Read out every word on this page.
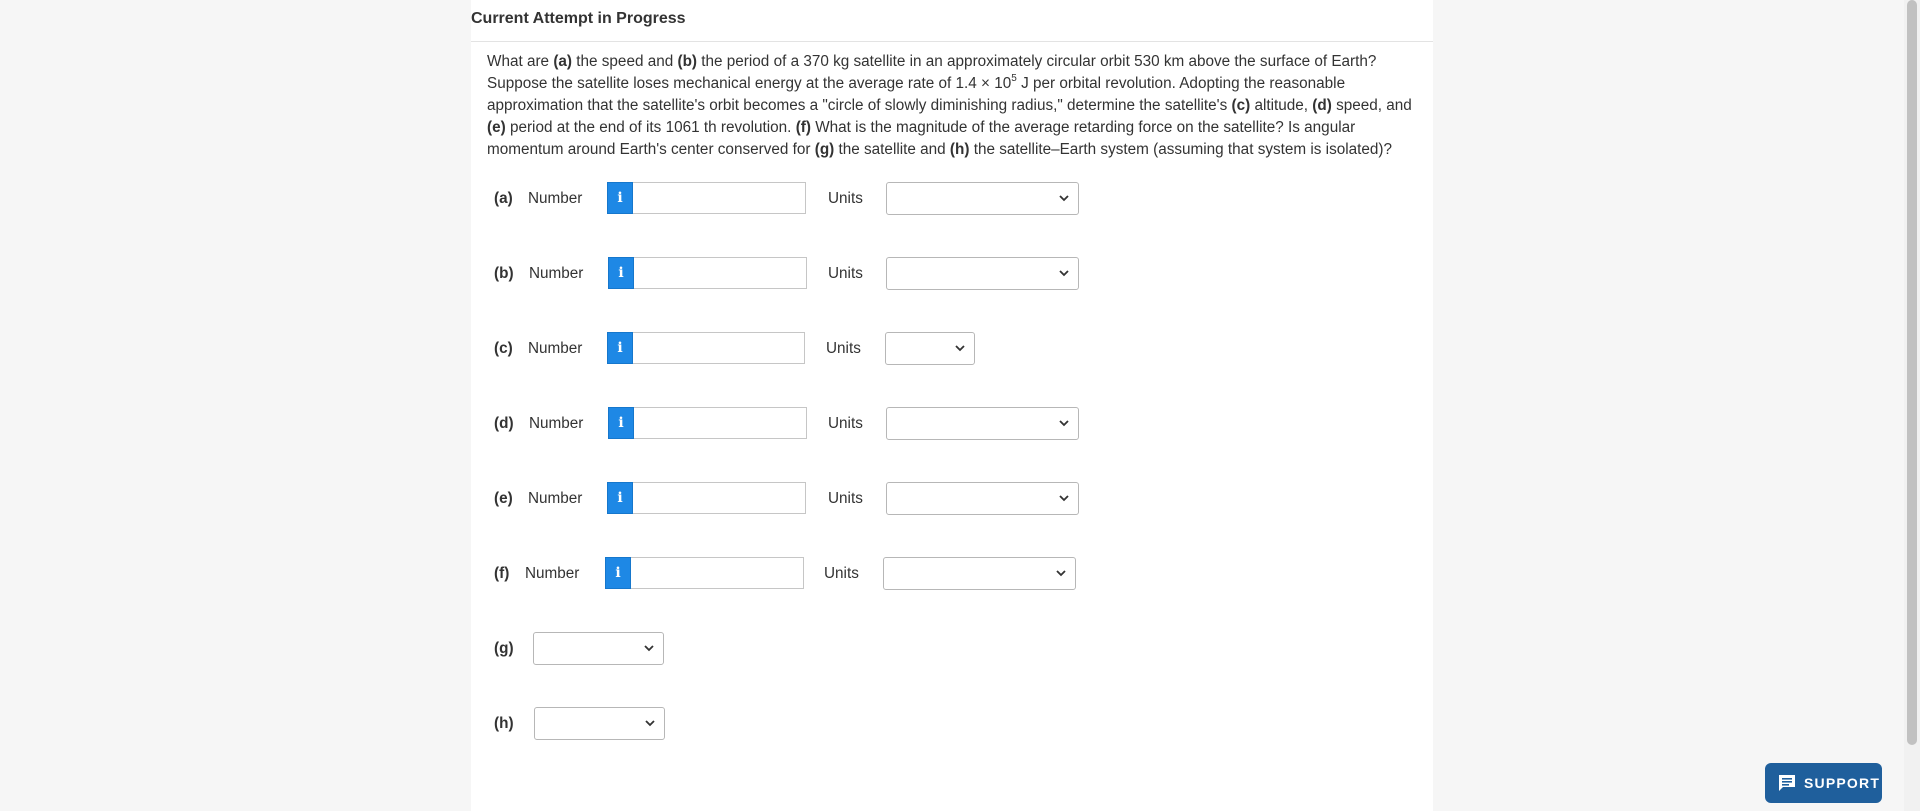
Current Attempt in Progress
What are (a) the speed and (b) the period of a 370 kg satellite in an approximately circular orbit 530 km above the surface of Earth? Suppose the satellite loses mechanical energy at the average rate of $1.4 \times 10^5$ J per orbital revolution. Adopting the reasonable approximation that the satellite's orbit becomes a "circle of slowly diminishing radius," determine the satellite's (c) altitude, (d) speed, and (e) period at the end of its 1061 th revolution. (f) What is the magnitude of the average retarding force on the satellite? Is angular momentum around Earth's center conserved for (g) the satellite and (h) the satellite–Earth system (assuming that system is isolated)?
(a) Number	i	Units
(b) Number	i	Units
(c) Number	i	Units
(d) Number	i	Units
(e) Number	i	Units
(f) Number	i	Units
(g)
(h)
SUPPORT
